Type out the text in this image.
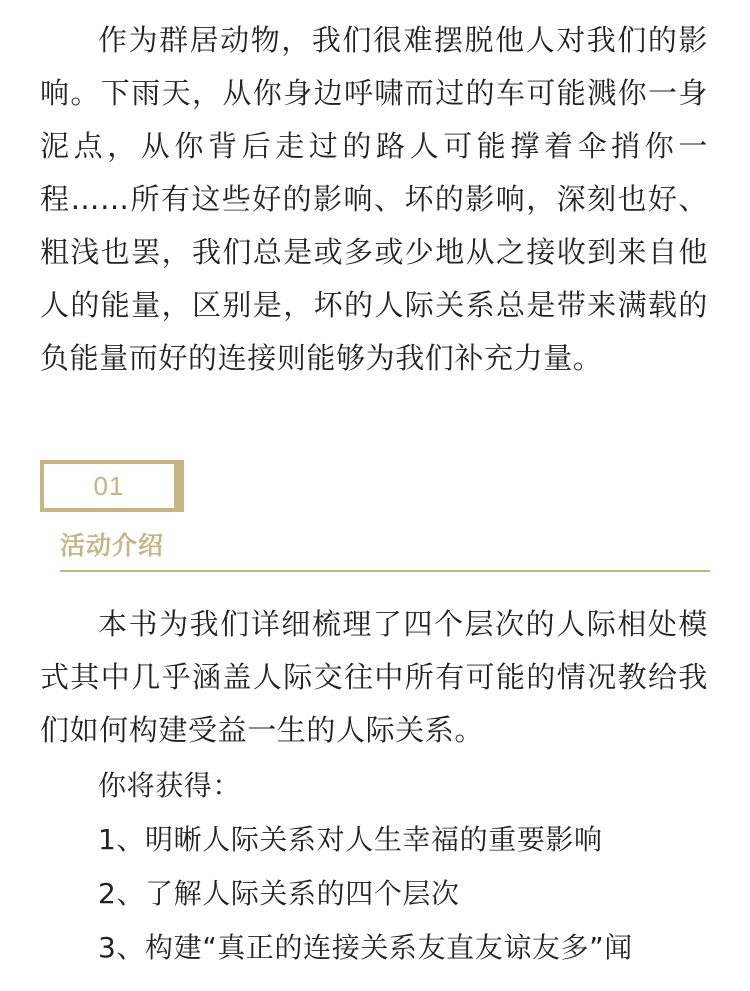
作为群居动物，我们很难摆脱他人对我们的影响。下雨天，从你身边呼啸而过的车可能溅你一身泥点，从你背后走过的路人可能撑着伞捎你一程……所有这些好的影响、坏的影响，深刻也好、粗浅也罢，我们总是或多或少地从之接收到来自他人的能量，区别是，坏的人际关系总是带来满载的负能量而好的连接则能够为我们补充力量。

01
活动介绍

本书为我们详细梳理了四个层次的人际相处模式其中几乎涵盖人际交往中所有可能的情况教给我们如何构建受益一生的人际关系。

你将获得：
1、明晰人际关系对人生幸福的重要影响
2、了解人际关系的四个层次
3、构建“真正的连接关系友直友谅友多”闻
